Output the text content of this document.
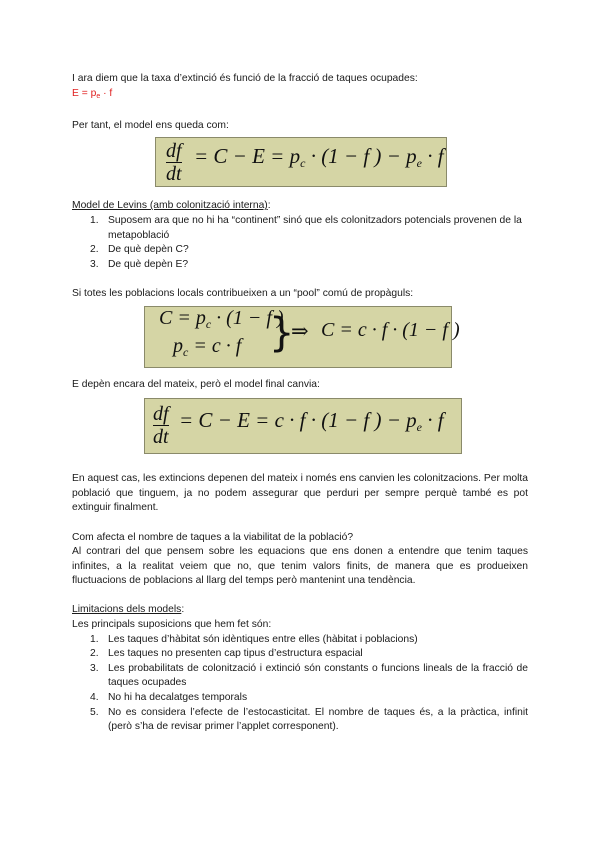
I ara diem que la taxa d’extinció és funció de la fracció de taques ocupades:

$E = p_e \cdot f$

Per tant, el model ens queda com:

df
dt
= C − E = pc · (1 − f ) − pe · f

Model de Levins (amb colonització interna):

1. Suposem ara que no hi ha “continent” sinó que els colonitzadors potencials provenen de la metapoblació
2. De què depèn C?
3. De què depèn E?

Si totes les poblacions locals contribueixen a un “pool” comú de propàguls:

$C = p_c \cdot (1 - f$ )
$p_c = c \cdot f$ }
⇒ C = c · f · (1 − f )

E depèn encara del mateix, però el model final canvia:

df
dt
= C − E = c · f · (1 − f ) − pe · f

En aquest cas, les extincions depenen del mateix i només ens canvien les colonitzacions. Per molta població que tinguem, ja no podem assegurar que perduri per sempre perquè també es pot extinguir finalment.

Com afecta el nombre de taques a la viabilitat de la població?

Al contrari del que pensem sobre les equacions que ens donen a entendre que tenim taques infinites, a la realitat veiem que no, que tenim valors finits, de manera que es produeixen fluctuacions de poblacions al llarg del temps però mantenint una tendència.

Limitacions dels models:

Les principals suposicions que hem fet són:

1. Les taques d’hàbitat són idèntiques entre elles (hàbitat i poblacions)
2. Les taques no presenten cap tipus d’estructura espacial
3. Les probabilitats de colonització i extinció són constants o funcions lineals de la fracció de taques ocupades
4. No hi ha decalatges temporals
5. No es considera l’efecte de l’estocasticitat. El nombre de taques és, a la pràctica, infinit (però s’ha de revisar primer l’applet corresponent).
